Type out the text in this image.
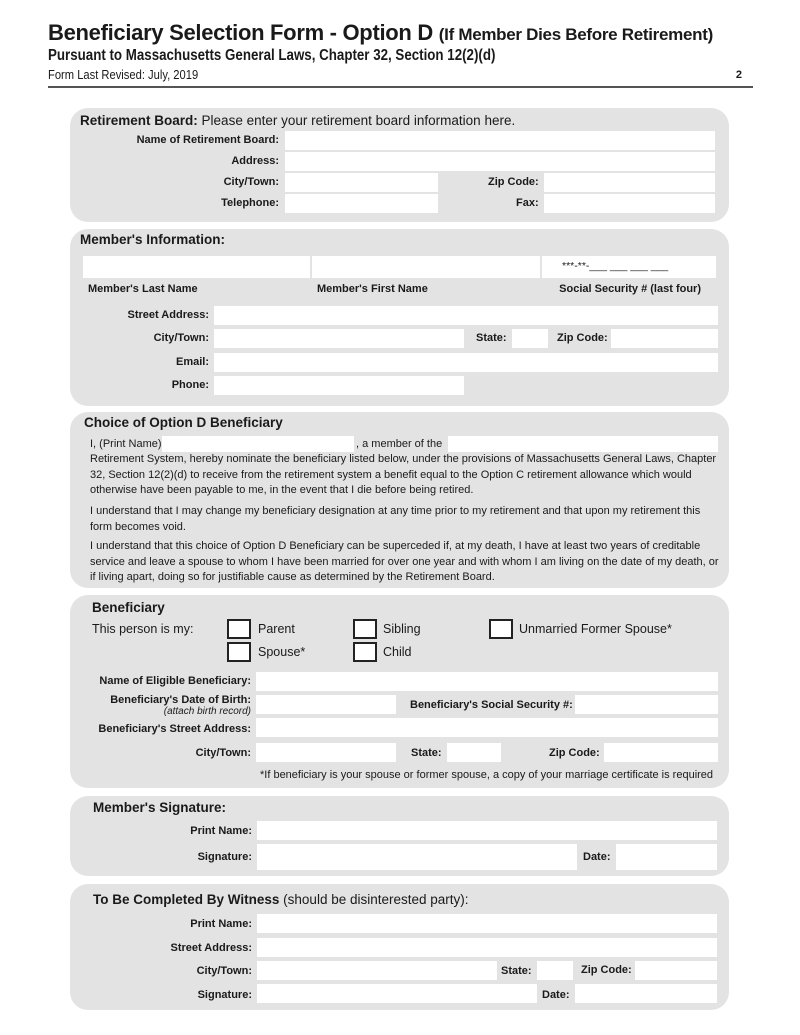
Beneficiary Selection Form - Option D (If Member Dies Before Retirement)
Pursuant to Massachusetts General Laws, Chapter 32, Section 12(2)(d)
Form Last Revised: July, 2019	2
Retirement Board: Please enter your retirement board information here.
Name of Retirement Board:
Address:
City/Town:	Zip Code:
Telephone:	Fax:
Member's Information:
***-**-___ ___ ___ ___
Member's Last Name	Member's First Name	Social Security # (last four)
Street Address:
City/Town:	State:	Zip Code:
Email:
Phone:
Choice of Option D Beneficiary
I, (Print Name)	, a member of the
Retirement System, hereby nominate the beneficiary listed below, under the provisions of Massachusetts General Laws, Chapter 32, Section 12(2)(d) to receive from the retirement system a benefit equal to the Option C retirement allowance which would otherwise have been payable to me, in the event that I die before being retired.
I understand that I may change my beneficiary designation at any time prior to my retirement and that upon my retirement this form becomes void.
I understand that this choice of Option D Beneficiary can be superceded if, at my death, I have at least two years of creditable service and leave a spouse to whom I have been married for over one year and with whom I am living on the date of my death, or if living apart, doing so for justifiable cause as determined by the Retirement Board.
Beneficiary
This person is my:	Parent	Sibling	Unmarried Former Spouse*
Spouse*	Child
Name of Eligible Beneficiary:
Beneficiary's Date of Birth:
(attach birth record)
Beneficiary's Social Security #:
Beneficiary's Street Address:
City/Town:	State:	Zip Code:
*If beneficiary is your spouse or former spouse, a copy of your marriage certificate is required
Member's Signature:
Print Name:
Signature:	Date:
To Be Completed By Witness (should be disinterested party):
Print Name:
Street Address:
City/Town:	State:	Zip Code:
Signature:	Date:
